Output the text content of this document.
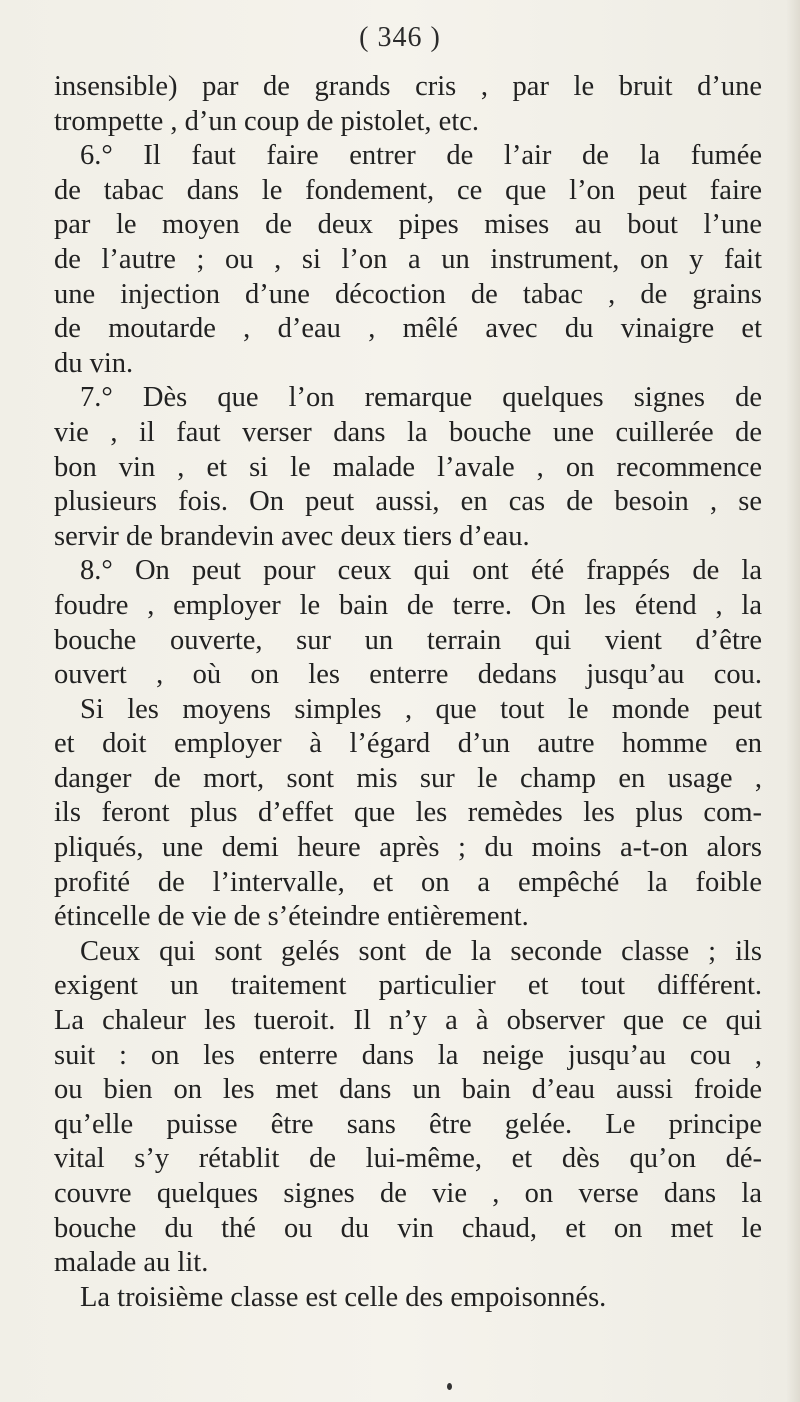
( 346 )
insensible) par de grands cris , par le bruit d’une
trompette , d’un coup de pistolet, etc.
6.° Il faut faire entrer de l’air de la fumée
de tabac dans le fondement, ce que l’on peut faire
par le moyen de deux pipes mises au bout l’une
de l’autre ; ou , si l’on a un instrument, on y fait
une injection d’une décoction de tabac , de grains
de moutarde , d’eau , mêlé avec du vinaigre et
du vin.
7.° Dès que l’on remarque quelques signes de
vie , il faut verser dans la bouche une cuillerée de
bon vin , et si le malade l’avale , on recommence
plusieurs fois. On peut aussi, en cas de besoin , se
servir de brandevin avec deux tiers d’eau.
8.° On peut pour ceux qui ont été frappés de la
foudre , employer le bain de terre. On les étend , la
bouche ouverte, sur un terrain qui vient d’être
ouvert , où on les enterre dedans jusqu’au cou.
Si les moyens simples , que tout le monde peut
et doit employer à l’égard d’un autre homme en
danger de mort, sont mis sur le champ en usage ,
ils feront plus d’effet que les remèdes les plus com-
pliqués, une demi heure après ; du moins a-t-on alors
profité de l’intervalle, et on a empêché la foible
étincelle de vie de s’éteindre entièrement.
Ceux qui sont gelés sont de la seconde classe ; ils
exigent un traitement particulier et tout différent.
La chaleur les tueroit. Il n’y a à observer que ce qui
suit : on les enterre dans la neige jusqu’au cou ,
ou bien on les met dans un bain d’eau aussi froide
qu’elle puisse être sans être gelée. Le principe
vital s’y rétablit de lui-même, et dès qu’on dé-
couvre quelques signes de vie , on verse dans la
bouche du thé ou du vin chaud, et on met le
malade au lit.
La troisième classe est celle des empoisonnés.
